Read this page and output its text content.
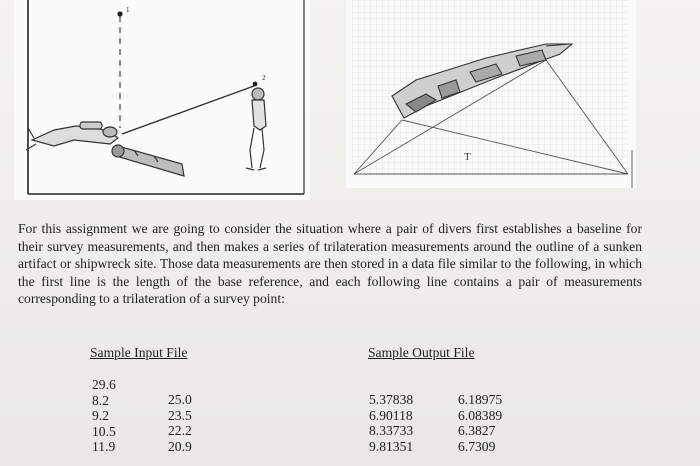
1
2
T

For this assignment we are going to consider the situation where a pair of divers first establishes a baseline for their survey measurements, and then makes a series of trilateration measurements around the outline of a sunken artifact or shipwreck site. Those data measurements are then stored in a data file similar to the following, in which the first line is the length of the base reference, and each following line contains a pair of measurements corresponding to a trilateration of a survey point:

Sample Input File	Sample Output File
29.6
8.2
9.2
10.5
11.9
25.0
23.5
22.2
20.9
5.37838
6.90118
8.33733
9.81351
6.18975
6.08389
6.3827
6.7309
